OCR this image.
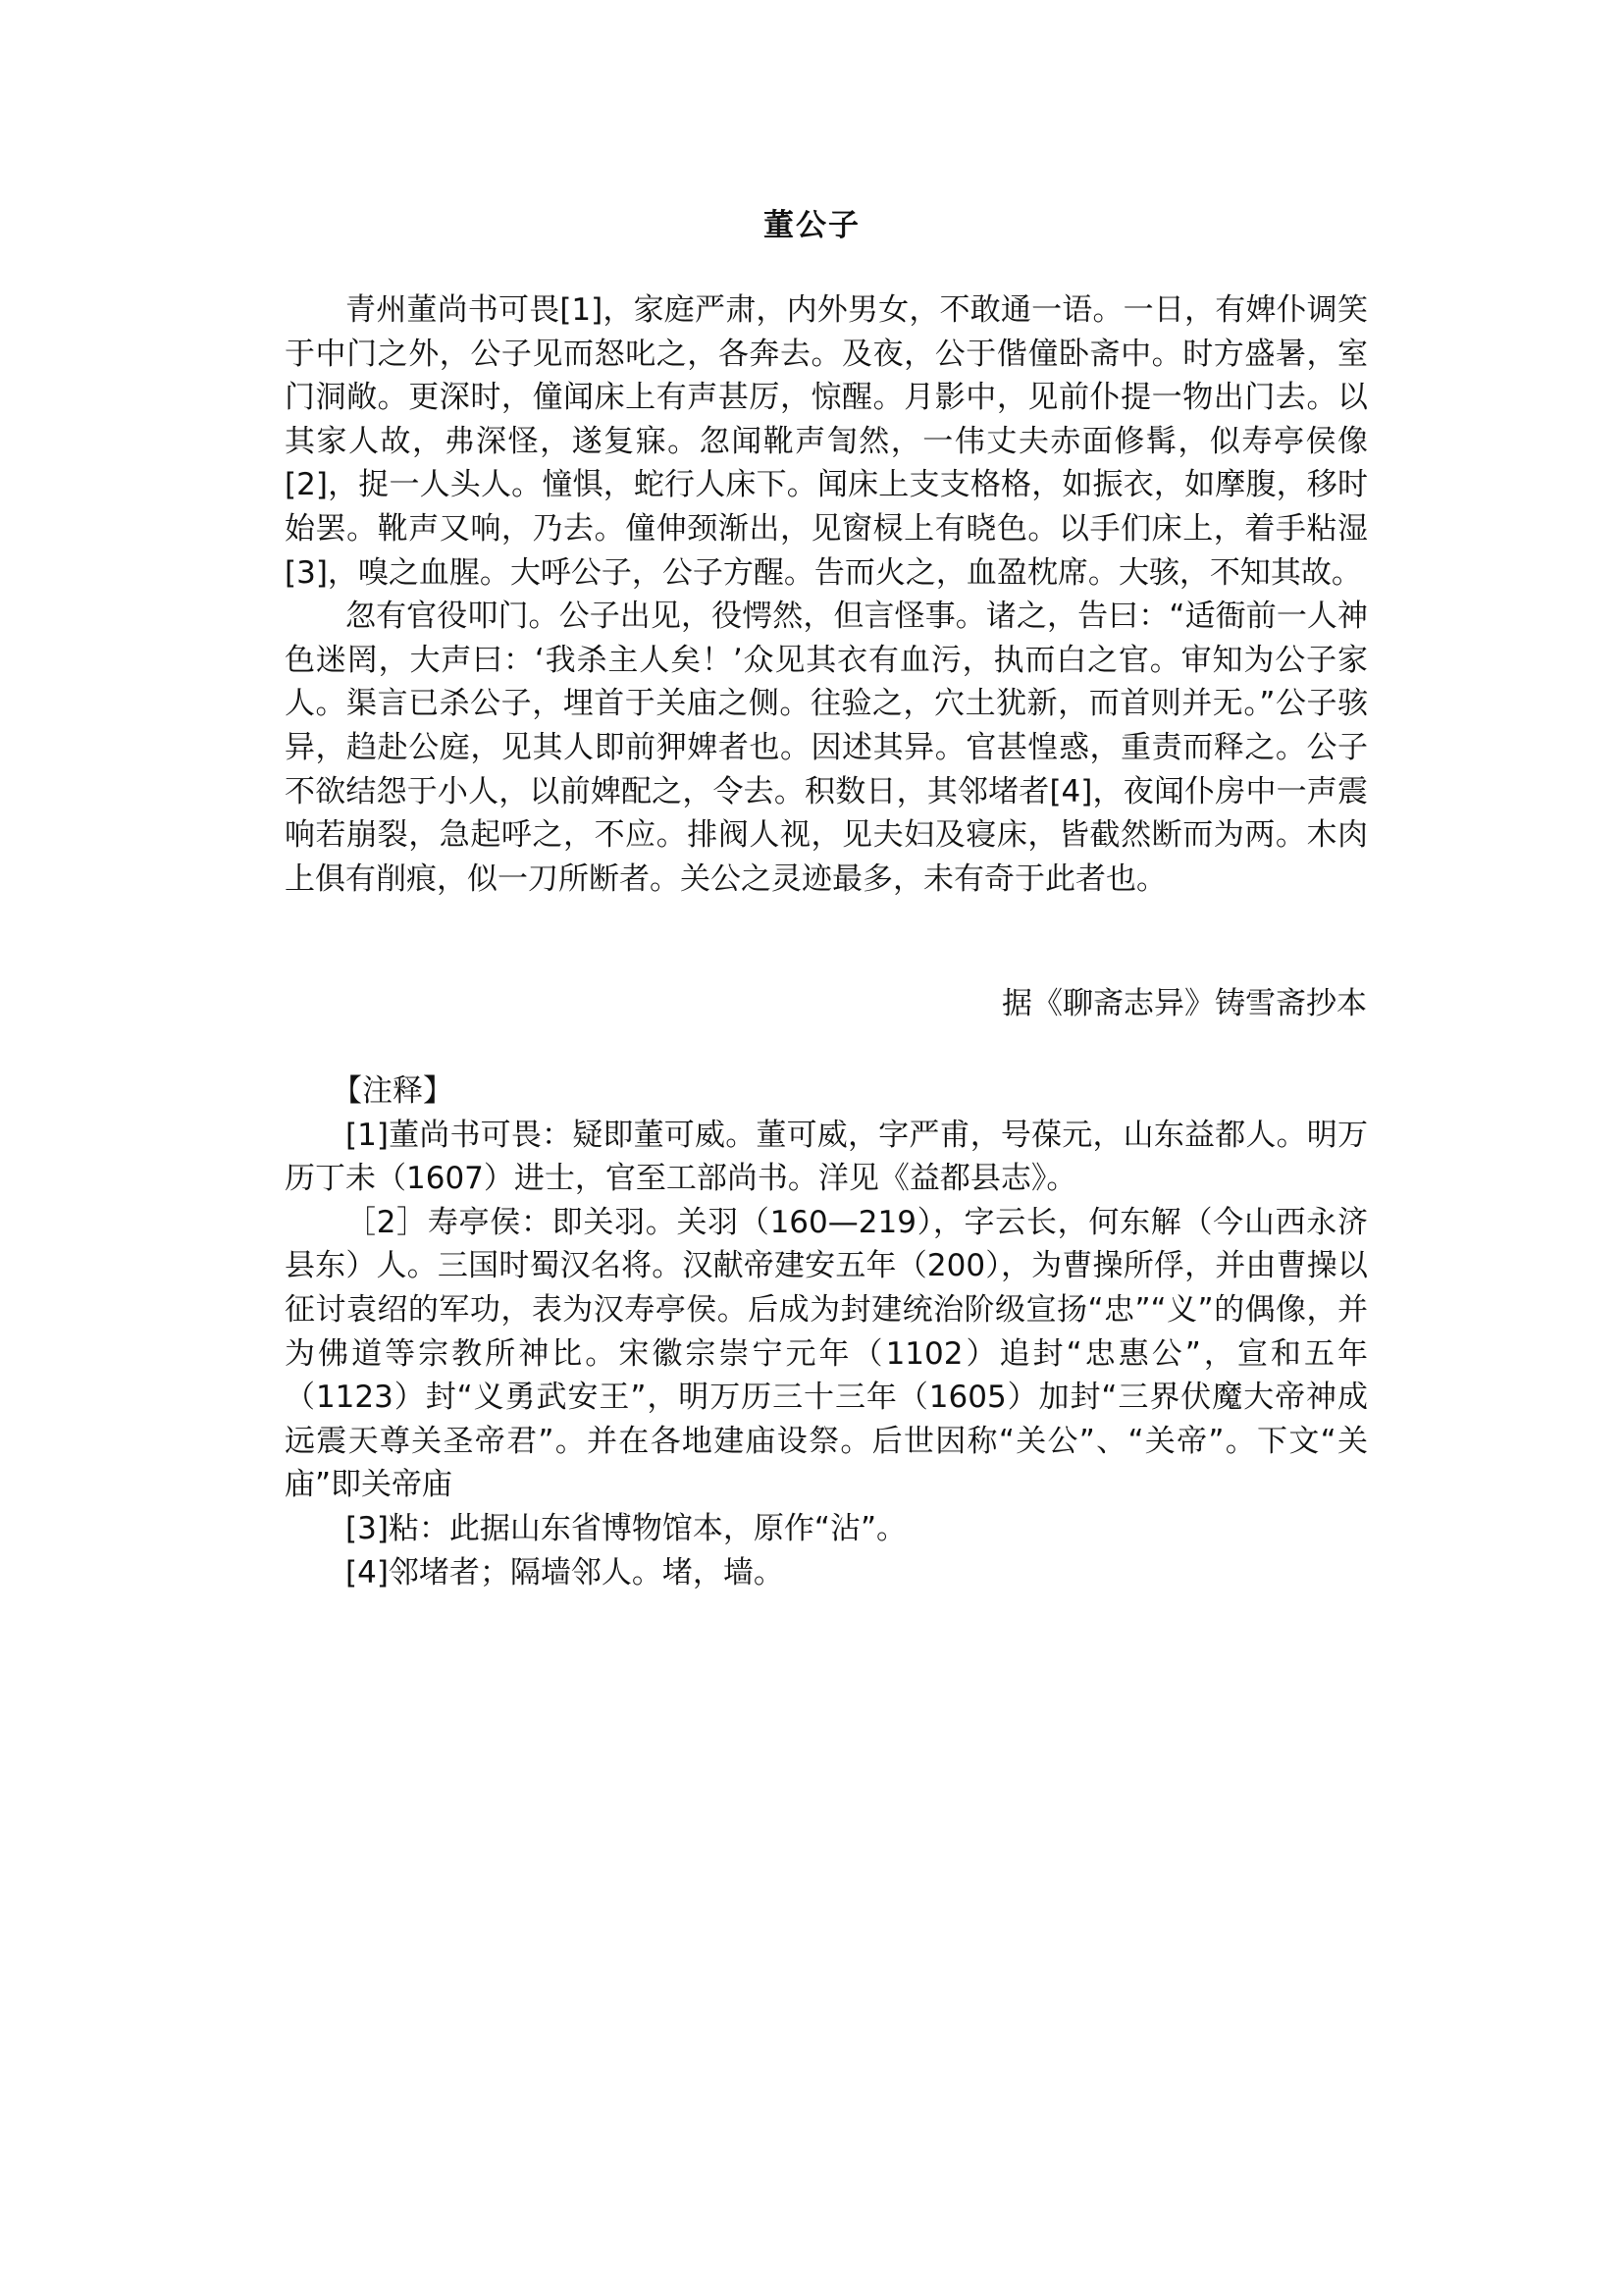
董公子

青州董尚书可畏[1]，家庭严肃，内外男女，不敢通一语。一日，有婢仆调笑于中门之外，公子见而怒叱之，各奔去。及夜，公于偕僮卧斋中。时方盛暑，室门洞敞。更深时，僮闻床上有声甚厉，惊醒。月影中，见前仆提一物出门去。以其家人故，弗深怪，遂复寐。忽闻靴声訇然，一伟丈夫赤面修髯，似寿亭侯像[2]，捉一人头人。憧惧，蛇行人床下。闻床上支支格格，如振衣，如摩腹，移时始罢。靴声又响，乃去。僮伸颈渐出，见窗棂上有晓色。以手们床上，着手粘湿[3]，嗅之血腥。大呼公子，公子方醒。告而火之，血盈枕席。大骇，不知其故。

忽有官役叩门。公子出见，役愕然，但言怪事。诸之，告曰：“适衙前一人神色迷罔，大声曰：‘我杀主人矣！’众见其衣有血污，执而白之官。审知为公子家人。渠言已杀公子，埋首于关庙之侧。往验之，穴土犹新，而首则并无。”公子骇异，趋赴公庭，见其人即前狎婢者也。因述其异。官甚惶惑，重责而释之。公子不欲结怨于小人，以前婢配之，令去。积数日，其邻堵者[4]，夜闻仆房中一声震响若崩裂，急起呼之，不应。排阀人视，见夫妇及寝床，皆截然断而为两。木肉上俱有削痕，似一刀所断者。关公之灵迹最多，未有奇于此者也。

据《聊斋志异》铸雪斋抄本

【注释】

[1]董尚书可畏：疑即董可威。董可威，字严甫，号葆元，山东益都人。明万历丁未（1607）进士，官至工部尚书。洋见《益都县志》。

［2］寿亭侯：即关羽。关羽（160—219），字云长，何东解（今山西永济县东）人。三国时蜀汉名将。汉献帝建安五年（200），为曹操所俘，并由曹操以征讨袁绍的军功，表为汉寿亭侯。后成为封建统治阶级宣扬“忠”“义”的偶像，并为佛道等宗教所神比。宋徽宗崇宁元年（1102）追封“忠惠公”，宣和五年（1123）封“义勇武安王”，明万历三十三年（1605）加封“三界伏魔大帝神成远震天尊关圣帝君”。并在各地建庙设祭。后世因称“关公”、“关帝”。下文“关庙”即关帝庙

[3]粘：此据山东省博物馆本，原作“沾”。

[4]邻堵者；隔墙邻人。堵，墙。
